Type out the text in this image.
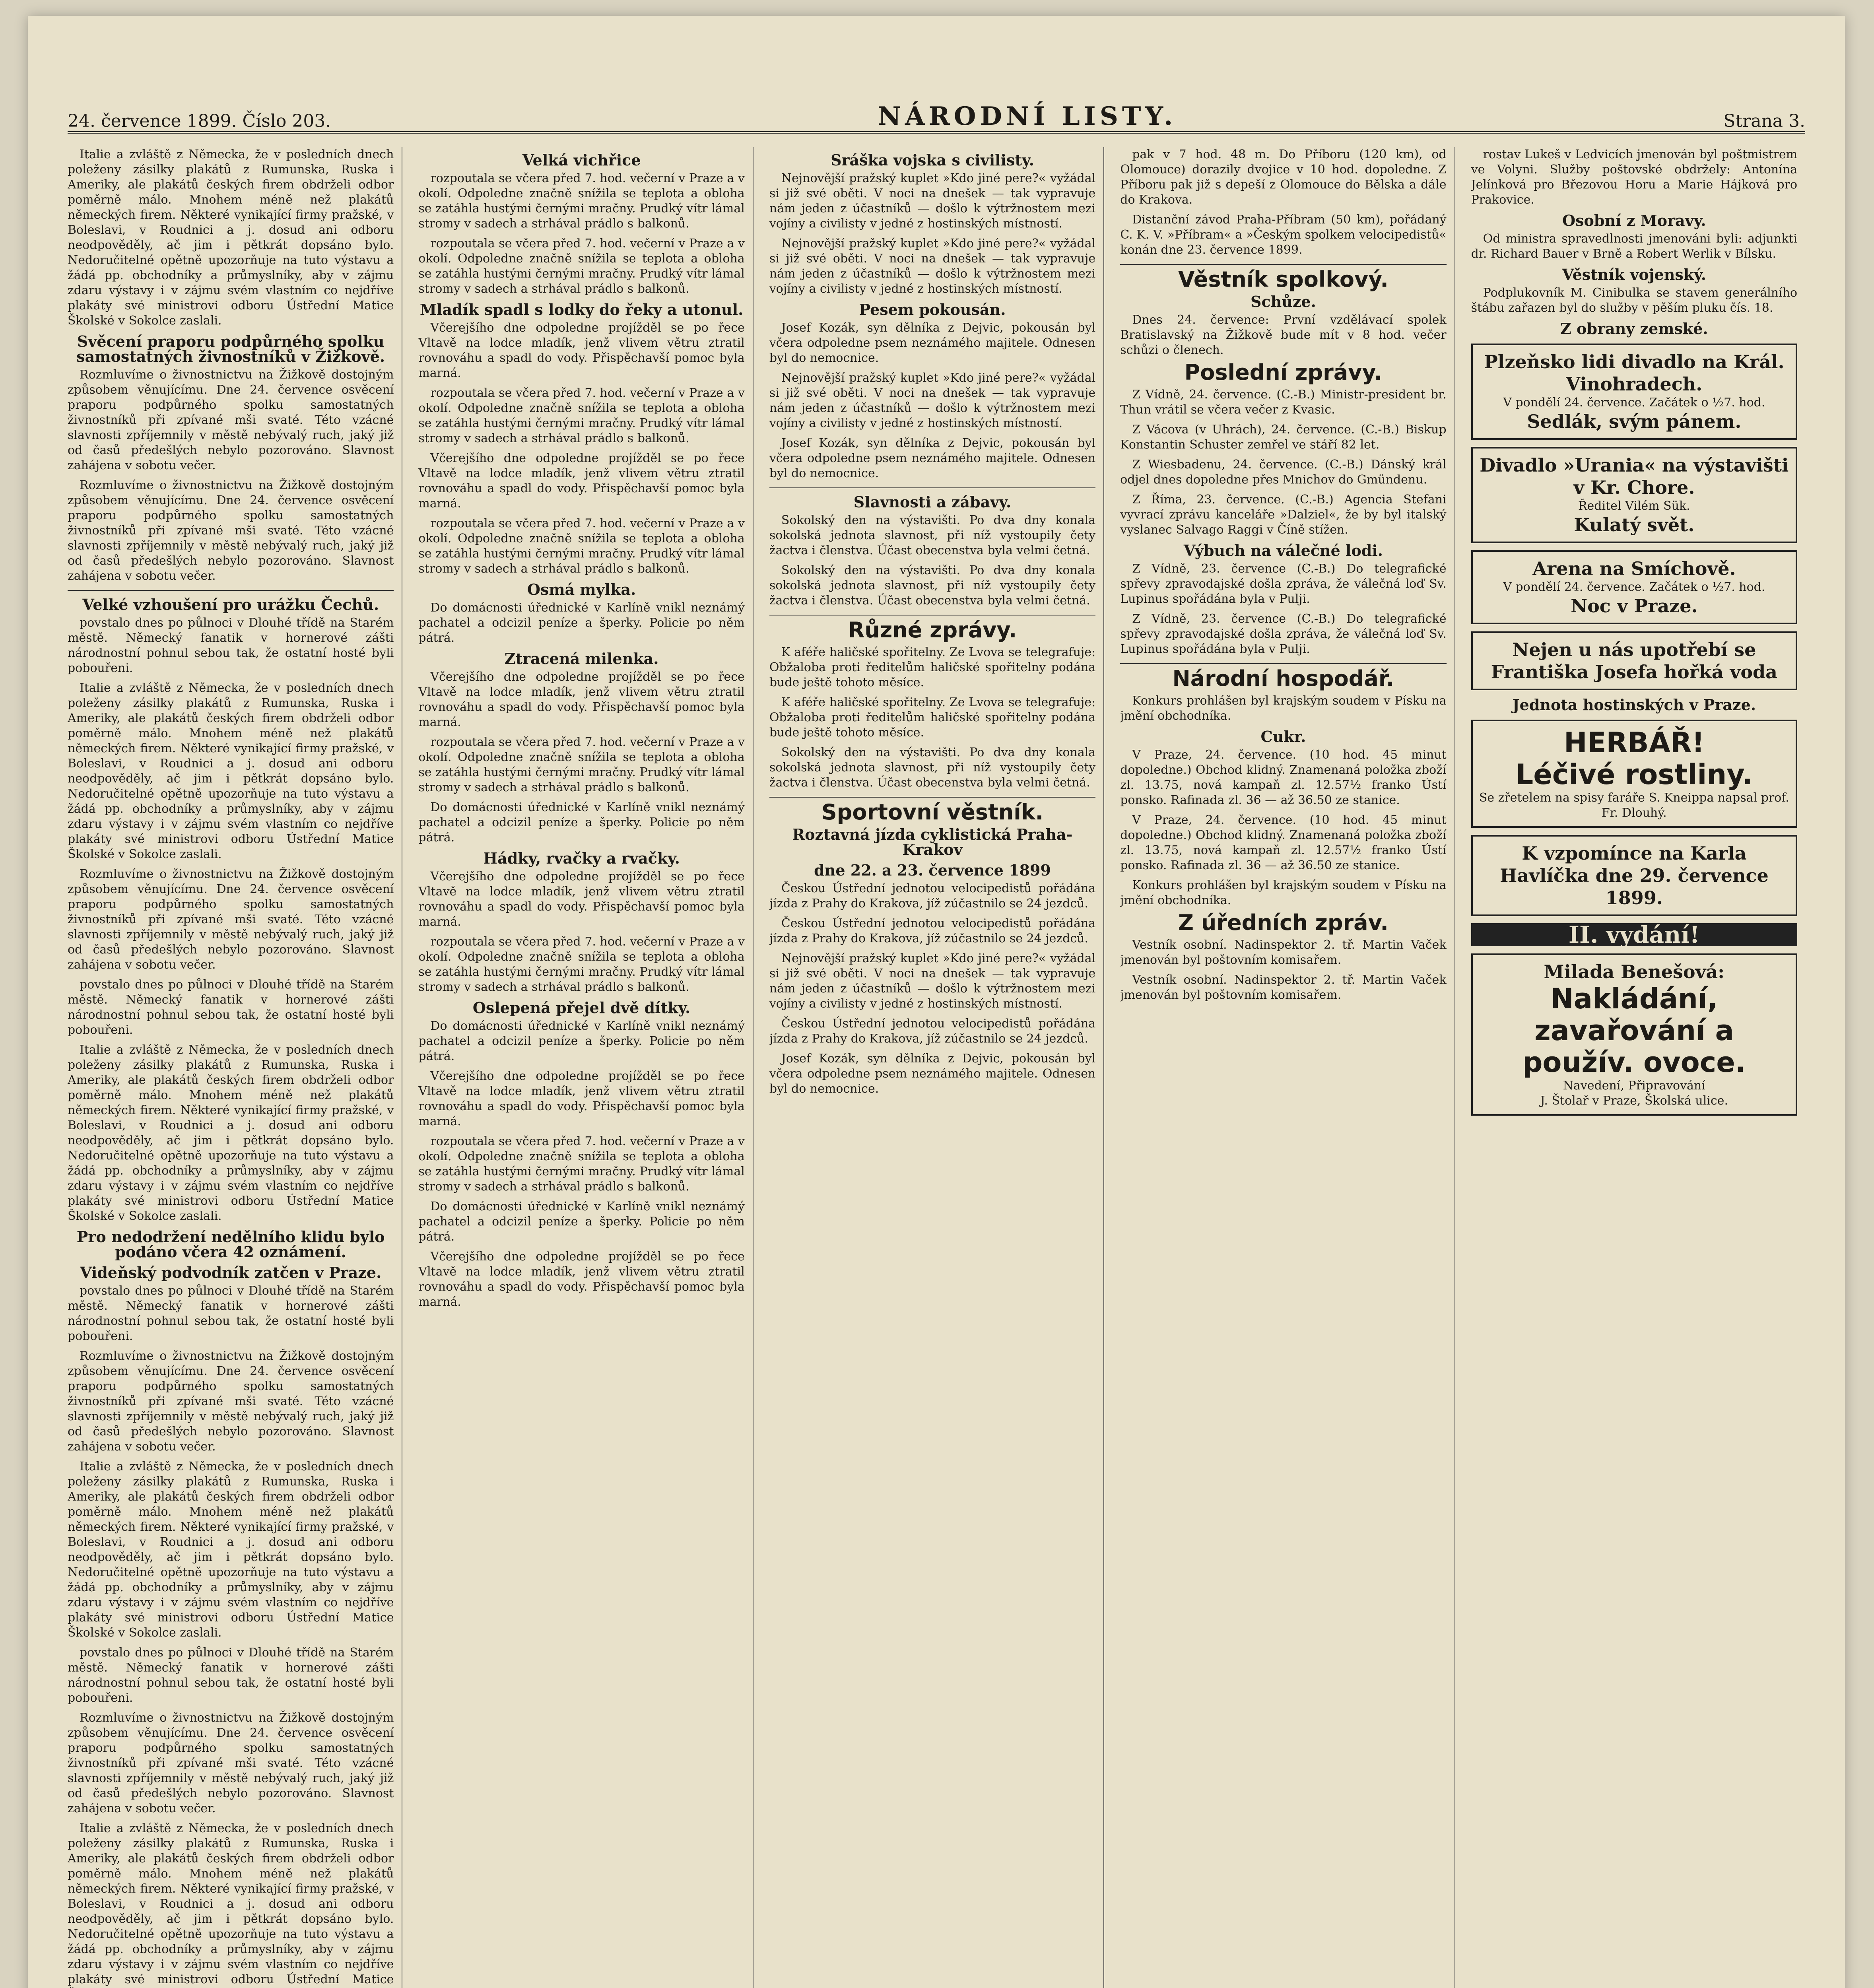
24. července 1899. Číslo 203.	NÁRODNÍ LISTY.	Strana 3.

Italie a zvláště z Německa, že v posledních dnech poleženy zásilky plakátů z Rumunska, Ruska i Ameriky, ale plakátů českých firem obdrželi odbor poměrně málo. Mnohem méně než plakátů německých firem. Některé vynikající firmy pražské, v Boleslavi, v Roudnici a j. dosud ani odboru neodpověděly, ač jim i pětkrát dopsáno bylo. Nedoručitelné opětně upozorňuje na tuto výstavu a žádá pp. obchodníky a průmyslníky, aby v zájmu zdaru výstavy i v zájmu svém vlastním co nejdříve plakáty své ministrovi odboru Ústřední Matice Školské v Sokolce zaslali.

Svěcení praporu podpůrného spolku samostatných živnostníků v Žižkově.

Rozmluvíme o živnostnictvu na Žižkově dostojným způsobem věnujícímu. Dne 24. července osvěcení praporu podpůrného spolku samostatných živnostníků při zpívané mši svaté. Této vzácné slavnosti zpříjemnily v městě nebývalý ruch, jaký již od časů předešlých nebylo pozorováno. Slavnost zahájena v sobotu večer.

Rozmluvíme o živnostnictvu na Žižkově dostojným způsobem věnujícímu. Dne 24. července osvěcení praporu podpůrného spolku samostatných živnostníků při zpívané mši svaté. Této vzácné slavnosti zpříjemnily v městě nebývalý ruch, jaký již od časů předešlých nebylo pozorováno. Slavnost zahájena v sobotu večer.

Velké vzhoušení pro urážku Čechů.

povstalo dnes po půlnoci v Dlouhé třídě na Starém městě. Německý fanatik v hornerové zášti národnostní pohnul sebou tak, že ostatní hosté byli pobouřeni.

Italie a zvláště z Německa, že v posledních dnech poleženy zásilky plakátů z Rumunska, Ruska i Ameriky, ale plakátů českých firem obdrželi odbor poměrně málo. Mnohem méně než plakátů německých firem. Některé vynikající firmy pražské, v Boleslavi, v Roudnici a j. dosud ani odboru neodpověděly, ač jim i pětkrát dopsáno bylo. Nedoručitelné opětně upozorňuje na tuto výstavu a žádá pp. obchodníky a průmyslníky, aby v zájmu zdaru výstavy i v zájmu svém vlastním co nejdříve plakáty své ministrovi odboru Ústřední Matice Školské v Sokolce zaslali.

Rozmluvíme o živnostnictvu na Žižkově dostojným způsobem věnujícímu. Dne 24. července osvěcení praporu podpůrného spolku samostatných živnostníků při zpívané mši svaté. Této vzácné slavnosti zpříjemnily v městě nebývalý ruch, jaký již od časů předešlých nebylo pozorováno. Slavnost zahájena v sobotu večer.

povstalo dnes po půlnoci v Dlouhé třídě na Starém městě. Německý fanatik v hornerové zášti národnostní pohnul sebou tak, že ostatní hosté byli pobouřeni.

Italie a zvláště z Německa, že v posledních dnech poleženy zásilky plakátů z Rumunska, Ruska i Ameriky, ale plakátů českých firem obdrželi odbor poměrně málo. Mnohem méně než plakátů německých firem. Některé vynikající firmy pražské, v Boleslavi, v Roudnici a j. dosud ani odboru neodpověděly, ač jim i pětkrát dopsáno bylo. Nedoručitelné opětně upozorňuje na tuto výstavu a žádá pp. obchodníky a průmyslníky, aby v zájmu zdaru výstavy i v zájmu svém vlastním co nejdříve plakáty své ministrovi odboru Ústřední Matice Školské v Sokolce zaslali.

Pro nedodržení nedělního klidu bylo podáno včera 42 oznámení.
Videňský podvodník zatčen v Praze.

povstalo dnes po půlnoci v Dlouhé třídě na Starém městě. Německý fanatik v hornerové zášti národnostní pohnul sebou tak, že ostatní hosté byli pobouřeni.

Rozmluvíme o živnostnictvu na Žižkově dostojným způsobem věnujícímu. Dne 24. července osvěcení praporu podpůrného spolku samostatných živnostníků při zpívané mši svaté. Této vzácné slavnosti zpříjemnily v městě nebývalý ruch, jaký již od časů předešlých nebylo pozorováno. Slavnost zahájena v sobotu večer.

Italie a zvláště z Německa, že v posledních dnech poleženy zásilky plakátů z Rumunska, Ruska i Ameriky, ale plakátů českých firem obdrželi odbor poměrně málo. Mnohem méně než plakátů německých firem. Některé vynikající firmy pražské, v Boleslavi, v Roudnici a j. dosud ani odboru neodpověděly, ač jim i pětkrát dopsáno bylo. Nedoručitelné opětně upozorňuje na tuto výstavu a žádá pp. obchodníky a průmyslníky, aby v zájmu zdaru výstavy i v zájmu svém vlastním co nejdříve plakáty své ministrovi odboru Ústřední Matice Školské v Sokolce zaslali.

povstalo dnes po půlnoci v Dlouhé třídě na Starém městě. Německý fanatik v hornerové zášti národnostní pohnul sebou tak, že ostatní hosté byli pobouřeni.

Rozmluvíme o živnostnictvu na Žižkově dostojným způsobem věnujícímu. Dne 24. července osvěcení praporu podpůrného spolku samostatných živnostníků při zpívané mši svaté. Této vzácné slavnosti zpříjemnily v městě nebývalý ruch, jaký již od časů předešlých nebylo pozorováno. Slavnost zahájena v sobotu večer.

Italie a zvláště z Německa, že v posledních dnech poleženy zásilky plakátů z Rumunska, Ruska i Ameriky, ale plakátů českých firem obdrželi odbor poměrně málo. Mnohem méně než plakátů německých firem. Některé vynikající firmy pražské, v Boleslavi, v Roudnici a j. dosud ani odboru neodpověděly, ač jim i pětkrát dopsáno bylo. Nedoručitelné opětně upozorňuje na tuto výstavu a žádá pp. obchodníky a průmyslníky, aby v zájmu zdaru výstavy i v zájmu svém vlastním co nejdříve plakáty své ministrovi odboru Ústřední Matice

Velká vichřice

rozpoutala se včera před 7. hod. večerní v Praze a v okolí. Odpoledne značně snížila se teplota a obloha se zatáhla hustými černými mračny. Prudký vítr lámal stromy v sadech a strhával prádlo s balkonů.

rozpoutala se včera před 7. hod. večerní v Praze a v okolí. Odpoledne značně snížila se teplota a obloha se zatáhla hustými černými mračny. Prudký vítr lámal stromy v sadech a strhával prádlo s balkonů.

Mladík spadl s lodky do řeky a utonul.

Včerejšího dne odpoledne projížděl se po řece Vltavě na lodce mladík, jenž vlivem větru ztratil rovnováhu a spadl do vody. Přispěchavší pomoc byla marná.

rozpoutala se včera před 7. hod. večerní v Praze a v okolí. Odpoledne značně snížila se teplota a obloha se zatáhla hustými černými mračny. Prudký vítr lámal stromy v sadech a strhával prádlo s balkonů.

Včerejšího dne odpoledne projížděl se po řece Vltavě na lodce mladík, jenž vlivem větru ztratil rovnováhu a spadl do vody. Přispěchavší pomoc byla marná.

rozpoutala se včera před 7. hod. večerní v Praze a v okolí. Odpoledne značně snížila se teplota a obloha se zatáhla hustými černými mračny. Prudký vítr lámal stromy v sadech a strhával prádlo s balkonů.

Osmá mylka.

Do domácnosti úřednické v Karlíně vnikl neznámý pachatel a odcizil peníze a šperky. Policie po něm pátrá.

Ztracená milenka.

Včerejšího dne odpoledne projížděl se po řece Vltavě na lodce mladík, jenž vlivem větru ztratil rovnováhu a spadl do vody. Přispěchavší pomoc byla marná.

rozpoutala se včera před 7. hod. večerní v Praze a v okolí. Odpoledne značně snížila se teplota a obloha se zatáhla hustými černými mračny. Prudký vítr lámal stromy v sadech a strhával prádlo s balkonů.

Do domácnosti úřednické v Karlíně vnikl neznámý pachatel a odcizil peníze a šperky. Policie po něm pátrá.

Hádky, rvačky a rvačky.

Včerejšího dne odpoledne projížděl se po řece Vltavě na lodce mladík, jenž vlivem větru ztratil rovnováhu a spadl do vody. Přispěchavší pomoc byla marná.

rozpoutala se včera před 7. hod. večerní v Praze a v okolí. Odpoledne značně snížila se teplota a obloha se zatáhla hustými černými mračny. Prudký vítr lámal stromy v sadech a strhával prádlo s balkonů.

Oslepená přejel dvě dítky.

Do domácnosti úřednické v Karlíně vnikl neznámý pachatel a odcizil peníze a šperky. Policie po něm pátrá.

Včerejšího dne odpoledne projížděl se po řece Vltavě na lodce mladík, jenž vlivem větru ztratil rovnováhu a spadl do vody. Přispěchavší pomoc byla marná.

rozpoutala se včera před 7. hod. večerní v Praze a v okolí. Odpoledne značně snížila se teplota a obloha se zatáhla hustými černými mračny. Prudký vítr lámal stromy v sadech a strhával prádlo s balkonů.

Do domácnosti úřednické v Karlíně vnikl neznámý pachatel a odcizil peníze a šperky. Policie po něm pátrá.

Včerejšího dne odpoledne projížděl se po řece Vltavě na lodce mladík, jenž vlivem větru ztratil rovnováhu a spadl do vody. Přispěchavší pomoc byla marná.

Sráška vojska s civilisty.

Nejnovější pražský kuplet »Kdo jiné pere?« vyžádal si již své oběti. V noci na dnešek — tak vypravuje nám jeden z účastníků — došlo k výtržnostem mezi vojíny a civilisty v jedné z hostinských místností.

Nejnovější pražský kuplet »Kdo jiné pere?« vyžádal si již své oběti. V noci na dnešek — tak vypravuje nám jeden z účastníků — došlo k výtržnostem mezi vojíny a civilisty v jedné z hostinských místností.

Pesem pokousán.

Josef Kozák, syn dělníka z Dejvic, pokousán byl včera odpoledne psem neznámého majitele. Odnesen byl do nemocnice.

Nejnovější pražský kuplet »Kdo jiné pere?« vyžádal si již své oběti. V noci na dnešek — tak vypravuje nám jeden z účastníků — došlo k výtržnostem mezi vojíny a civilisty v jedné z hostinských místností.

Josef Kozák, syn dělníka z Dejvic, pokousán byl včera odpoledne psem neznámého majitele. Odnesen byl do nemocnice.

Slavnosti a zábavy.

Sokolský den na výstavišti. Po dva dny konala sokolská jednota slavnost, při níž vystoupily čety žactva i členstva. Účast obecenstva byla velmi četná.

Sokolský den na výstavišti. Po dva dny konala sokolská jednota slavnost, při níž vystoupily čety žactva i členstva. Účast obecenstva byla velmi četná.

Různé zprávy.

K aféře haličské spořitelny. Ze Lvova se telegrafuje: Obžaloba proti ředitelům haličské spořitelny podána bude ještě tohoto měsíce.

K aféře haličské spořitelny. Ze Lvova se telegrafuje: Obžaloba proti ředitelům haličské spořitelny podána bude ještě tohoto měsíce.

Sokolský den na výstavišti. Po dva dny konala sokolská jednota slavnost, při níž vystoupily čety žactva i členstva. Účast obecenstva byla velmi četná.

Sportovní věstník.
Roztavná jízda cyklistická Praha-Krakov
dne 22. a 23. července 1899

Českou Ústřední jednotou velocipedistů pořádána jízda z Prahy do Krakova, jíž zúčastnilo se 24 jezdců.

Českou Ústřední jednotou velocipedistů pořádána jízda z Prahy do Krakova, jíž zúčastnilo se 24 jezdců.

Nejnovější pražský kuplet »Kdo jiné pere?« vyžádal si již své oběti. V noci na dnešek — tak vypravuje nám jeden z účastníků — došlo k výtržnostem mezi vojíny a civilisty v jedné z hostinských místností.

Českou Ústřední jednotou velocipedistů pořádána jízda z Prahy do Krakova, jíž zúčastnilo se 24 jezdců.

Josef Kozák, syn dělníka z Dejvic, pokousán byl včera odpoledne psem neznámého majitele. Odnesen byl do nemocnice.

pak v 7 hod. 48 m. Do Příboru (120 km), od Olomouce) dorazily dvojice v 10 hod. dopoledne. Z Příboru pak již s depeší z Olomouce do Bělska a dále do Krakova.

Distanční závod Praha-Příbram (50 km), pořádaný C. K. V. »Příbram« a »Českým spolkem velocipedistů« konán dne 23. července 1899.

Věstník spolkový.
Schůze.

Dnes 24. července: První vzdělávací spolek Bratislavský na Žižkově bude mít v 8 hod. večer schůzi o členech.

Poslední zprávy.

Z Vídně, 24. července. (C.-B.) Ministr-president br. Thun vrátil se včera večer z Kvasic.

Z Vácova (v Uhrách), 24. července. (C.-B.) Biskup Konstantin Schuster zemřel ve stáří 82 let.

Z Wiesbadenu, 24. července. (C.-B.) Dánský král odjel dnes dopoledne přes Mnichov do Gmündenu.

Z Říma, 23. července. (C.-B.) Agencia Stefani vyvrací zprávu kanceláře »Dalziel«, že by byl italský vyslanec Salvago Raggi v Číně stížen.

Výbuch na válečné lodi.

Z Vídně, 23. července (C.-B.) Do telegrafické spřevy zpravodajské došla zpráva, že válečná loď Sv. Lupinus spořádána byla v Pulji.

Z Vídně, 23. července (C.-B.) Do telegrafické spřevy zpravodajské došla zpráva, že válečná loď Sv. Lupinus spořádána byla v Pulji.

Národní hospodář.

Konkurs prohlášen byl krajským soudem v Písku na jmění obchodníka.

Cukr.

V Praze, 24. července. (10 hod. 45 minut dopoledne.) Obchod klidný. Znamenaná položka zboží zl. 13.75, nová kampaň zl. 12.57½ franko Ústí ponsko. Rafinada zl. 36 — až 36.50 ze stanice.

V Praze, 24. července. (10 hod. 45 minut dopoledne.) Obchod klidný. Znamenaná položka zboží zl. 13.75, nová kampaň zl. 12.57½ franko Ústí ponsko. Rafinada zl. 36 — až 36.50 ze stanice.

Konkurs prohlášen byl krajským soudem v Písku na jmění obchodníka.

Z úředních zpráv.

Vestník osobní. Nadinspektor 2. tř. Martin Vaček jmenován byl poštovním komisařem.

Vestník osobní. Nadinspektor 2. tř. Martin Vaček jmenován byl poštovním komisařem.

rostav Lukeš v Ledvicích jmenován byl poštmistrem ve Volyni. Služby poštovské obdržely: Antonína Jelínková pro Březovou Horu a Marie Hájková pro Prakovice.

Osobní z Moravy.

Od ministra spravedlnosti jmenováni byli: adjunkti dr. Richard Bauer v Brně a Robert Werlik v Bílsku.

Věstník vojenský.

Podplukovník M. Cinibulka se stavem generálního štábu zařazen byl do služby v pěším pluku čís. 18.

Z obrany zemské.
Plzeňsko lidi divadlo na Král. Vinohradech.
V pondělí 24. července. Začátek o ½7. hod.
Sedlák, svým pánem.
Divadlo »Urania« na výstavišti v Kr. Chore.
Ředitel Vilém Sük.
Kulatý svět.
Arena na Smíchově.
V pondělí 24. července. Začátek o ½7. hod.
Noc v Praze.
Nejen u nás upotřebí se Františka Josefa hořká voda
Jednota hostinských v Praze.
HERBÁŘ!
Léčivé rostliny.
Se zřetelem na spisy faráře S. Kneippa napsal prof. Fr. Dlouhý.
K vzpomínce na Karla Havlíčka dne 29. července 1899.
II. vydání!
Milada Benešová:
Nakládání, zavařování a použív. ovoce.
Navedení, Připravování
J. Štolař v Praze, Školská ulice.
